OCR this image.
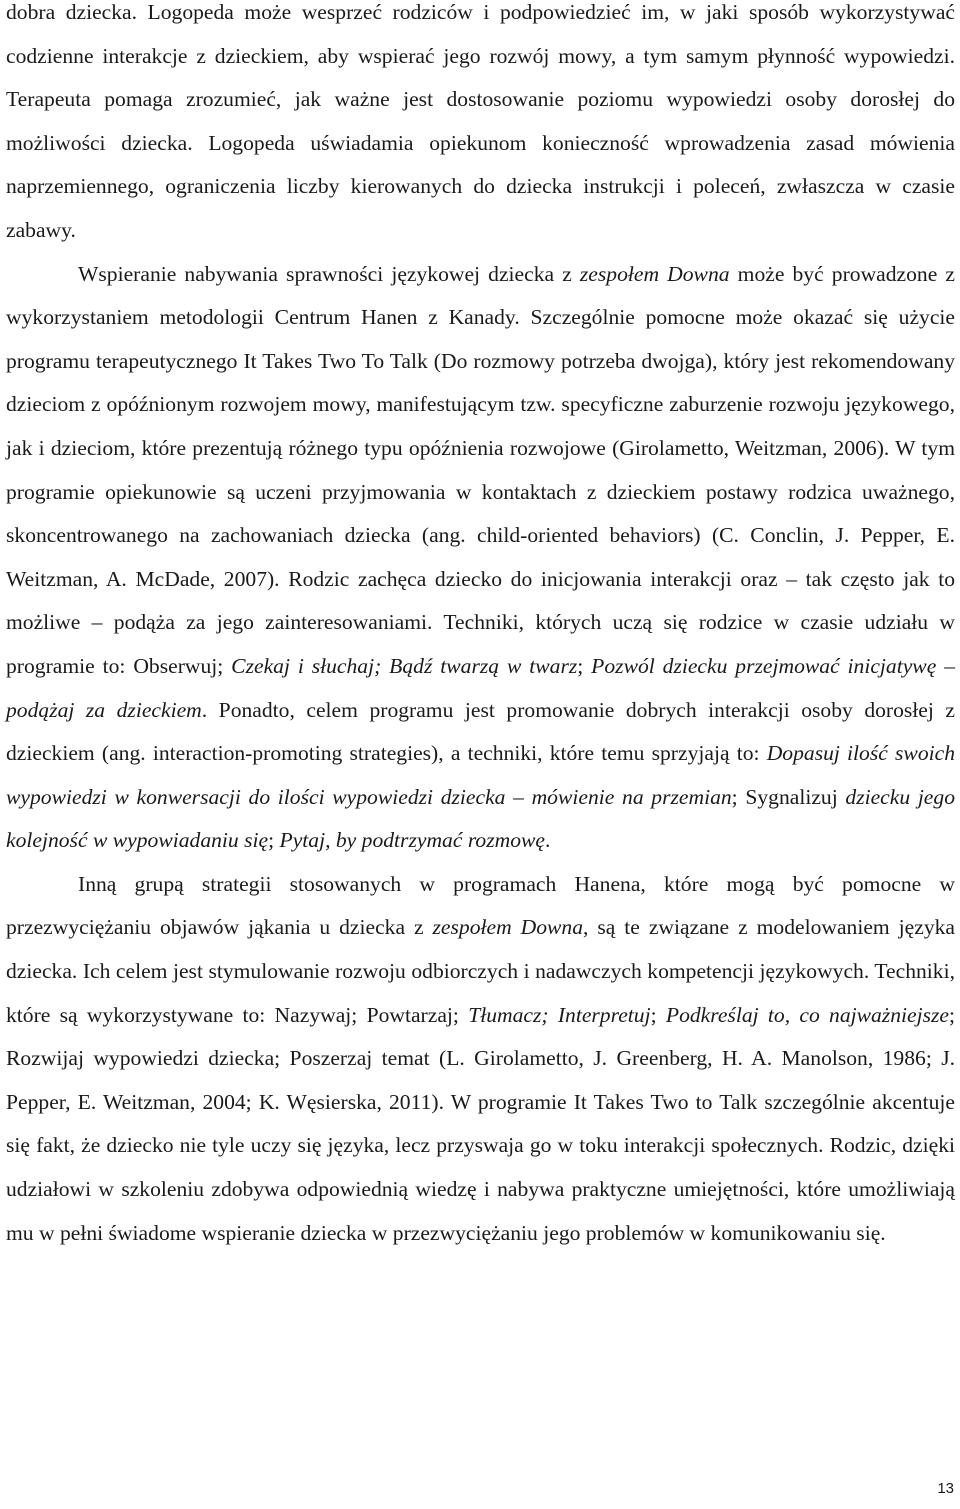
dobra dziecka. Logopeda może wesprzeć rodziców i podpowiedzieć im, w jaki sposób wykorzystywać codzienne interakcje z dzieckiem, aby wspierać jego rozwój mowy, a tym samym płynność wypowiedzi. Terapeuta pomaga zrozumieć, jak ważne jest dostosowanie poziomu wypowiedzi osoby dorosłej do możliwości dziecka. Logopeda uświadamia opiekunom konieczność wprowadzenia zasad mówienia naprzemiennego, ograniczenia liczby kierowanych do dziecka instrukcji i poleceń, zwłaszcza w czasie zabawy.

Wspieranie nabywania sprawności językowej dziecka z zespołem Downa może być prowadzone z wykorzystaniem metodologii Centrum Hanen z Kanady. Szczególnie pomocne może okazać się użycie programu terapeutycznego It Takes Two To Talk (Do rozmowy potrzeba dwojga), który jest rekomendowany dzieciom z opóźnionym rozwojem mowy, manifestującym tzw. specyficzne zaburzenie rozwoju językowego, jak i dzieciom, które prezentują różnego typu opóźnienia rozwojowe (Girolametto, Weitzman, 2006). W tym programie opiekunowie są uczeni przyjmowania w kontaktach z dzieckiem postawy rodzica uważnego, skoncentrowanego na zachowaniach dziecka (ang. child-oriented behaviors) (C. Conclin, J. Pepper, E. Weitzman, A. McDade, 2007). Rodzic zachęca dziecko do inicjowania interakcji oraz – tak często jak to możliwe – podąża za jego zainteresowaniami. Techniki, których uczą się rodzice w czasie udziału w programie to: Obserwuj; Czekaj i słuchaj; Bądź twarzą w twarz; Pozwól dziecku przejmować inicjatywę – podążaj za dzieckiem. Ponadto, celem programu jest promowanie dobrych interakcji osoby dorosłej z dzieckiem (ang. interaction-promoting strategies), a techniki, które temu sprzyjają to: Dopasuj ilość swoich wypowiedzi w konwersacji do ilości wypowiedzi dziecka – mówienie na przemian; Sygnalizuj dziecku jego kolejność w wypowiadaniu się; Pytaj, by podtrzymać rozmowę.

Inną grupą strategii stosowanych w programach Hanena, które mogą być pomocne w przezwyciężaniu objawów jąkania u dziecka z zespołem Downa, są te związane z modelowaniem języka dziecka. Ich celem jest stymulowanie rozwoju odbiorczych i nadawczych kompetencji językowych. Techniki, które są wykorzystywane to: Nazywaj; Powtarzaj; Tłumacz; Interpretuj; Podkreślaj to, co najważniejsze; Rozwijaj wypowiedzi dziecka; Poszerzaj temat (L. Girolametto, J. Greenberg, H. A. Manolson, 1986; J. Pepper, E. Weitzman, 2004; K. Węsierska, 2011). W programie It Takes Two to Talk szczególnie akcentuje się fakt, że dziecko nie tyle uczy się języka, lecz przyswaja go w toku interakcji społecznych. Rodzic, dzięki udziałowi w szkoleniu zdobywa odpowiednią wiedzę i nabywa praktyczne umiejętności, które umożliwiają mu w pełni świadome wspieranie dziecka w przezwyciężaniu jego problemów w komunikowaniu się.

13
